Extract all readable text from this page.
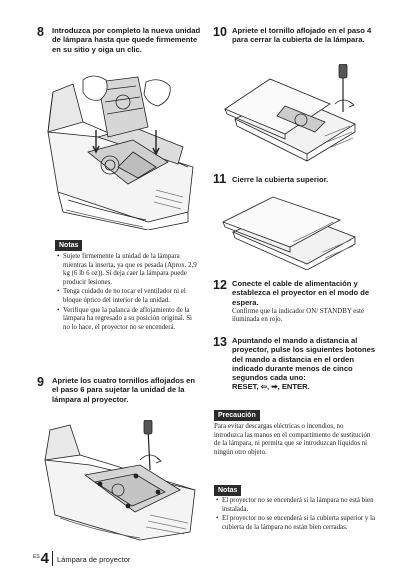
8	Introduzca por completo la nueva unidad de lámpara hasta que quede firmemente en su sitio y oiga un clic.
Notas
• Sujete firmemente la unidad de la lámpara mientras la inserta, ya que es pesada (Aprox. 2,9 kg (6 lb 6 oz)). Si deja caer la lámpara puede producir lesiones.
• Tenga cuidado de no tocar el ventilador ni el bloque óptico del interior de la unidad.
• Verifique que la palanca de aflojamiento de la lámpara ha regresado a su posición original. Si no lo hace, el proyector no se encenderá.
9	Apriete los cuatro tornillos aflojados en el paso 6 para sujetar la unidad de la lámpara al proyector.
ES 4 Lámpara de proyector
10 Apriete el tornillo aflojado en el paso 4 para cerrar la cubierta de la lámpara.
11 Cierre la cubierta superior.
12 Conecte el cable de alimentación y establezca el proyector en el modo de espera.
Confirme que la indicador ON/ STANDBY esté iluminada en rojo.
13 Apuntando el mando a distancia al proyector, pulse los siguientes botones del mando a distancia en el orden indicado durante menos de cinco segundos cada uno:
RESET, ⇦, ➡, ENTER.
Precaución
Para evitar descargas eléctricas o incendios, no introduzca las manos en el compartimento de sustitución de la lámpara, ni permita que se introduzcan líquidos ni ningún otro objeto.
Notas
• El proyector no se encenderá si la lámpara no está bien instalada.
• El proyector no se encenderá si la cubierta superior y la cubierta de la lámpara no están bien cerradas.
